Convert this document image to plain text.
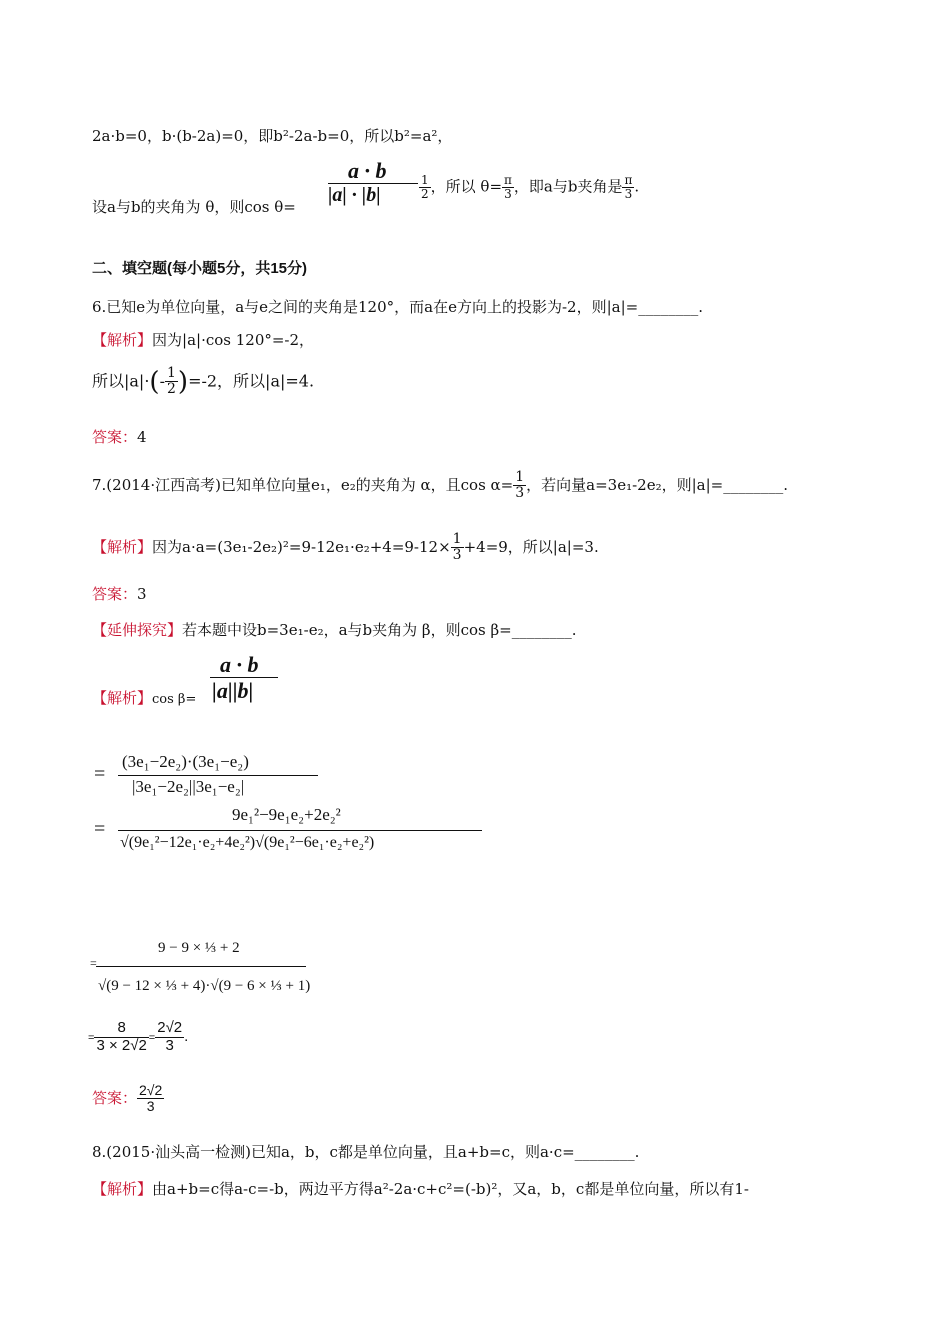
2a·b=0，b·(b-2a)=0，即b²-2a-b=0，所以b²=a²，
a · b
|a| · |b|
设a与b的夹角为 θ，则cos θ=
$\frac{1}{2}$ ，所以 $\theta= \frac{\pi}{3}$ ，即a与b夹角是 $\frac{\pi}{3}$ .
二、填空题(每小题5分，共15分)
6.已知e为单位向量，a与e之间的夹角是120°，而a在e方向上的投影为-2，则|a|=________.
【解析】因为|a|·cos 120°=-2，
所以$|a|\cdot(- \frac{1}{2} )=-2$，所以|a|=4.
答案：4
7.(2014·江西高考)已知单位向量e₁，e₂的夹角为 α，且$\cos \alpha= \frac{1}{3}$ ，若向量a=3e₁-2e₂，则|a|=________.
【解析】因为$a\cdot a=(3e_1-2e_2)^2=9-12e_1\cdot e_2+4=9-12\times \frac{1}{3} +4=9$，所以|a|=3.
答案：3
【延伸探究】若本题中设b=3e₁-e₂，a与b夹角为 β，则cos β=________.
a · b
|a||b|
【解析】cos β=
=
(3e₁−2e₂)·(3e₁−e₂)
|3e₁−2e₂||3e₁−e₂|
=
9e₁²−9e₁e₂+2e₂²
√(9e₁²−12e₁·e₂+4e₂²)√(9e₁²−6e₁·e₂+e₂²)
=
9 − 9 × ⅓ + 2
√(9 − 12 × ⅓ + 4)·√(9 − 6 × ⅓ + 1)
= $\frac{8}{3 \times 2√2} = \frac{2√2}{3}$ .
答案： $\frac{2√2}{3}$
8.(2015·汕头高一检测)已知a，b，c都是单位向量，且a+b=c，则a·c=________.
【解析】由a+b=c得a-c=-b，两边平方得a²-2a·c+c²=(-b)²，又a，b，c都是单位向量，所以有1-
